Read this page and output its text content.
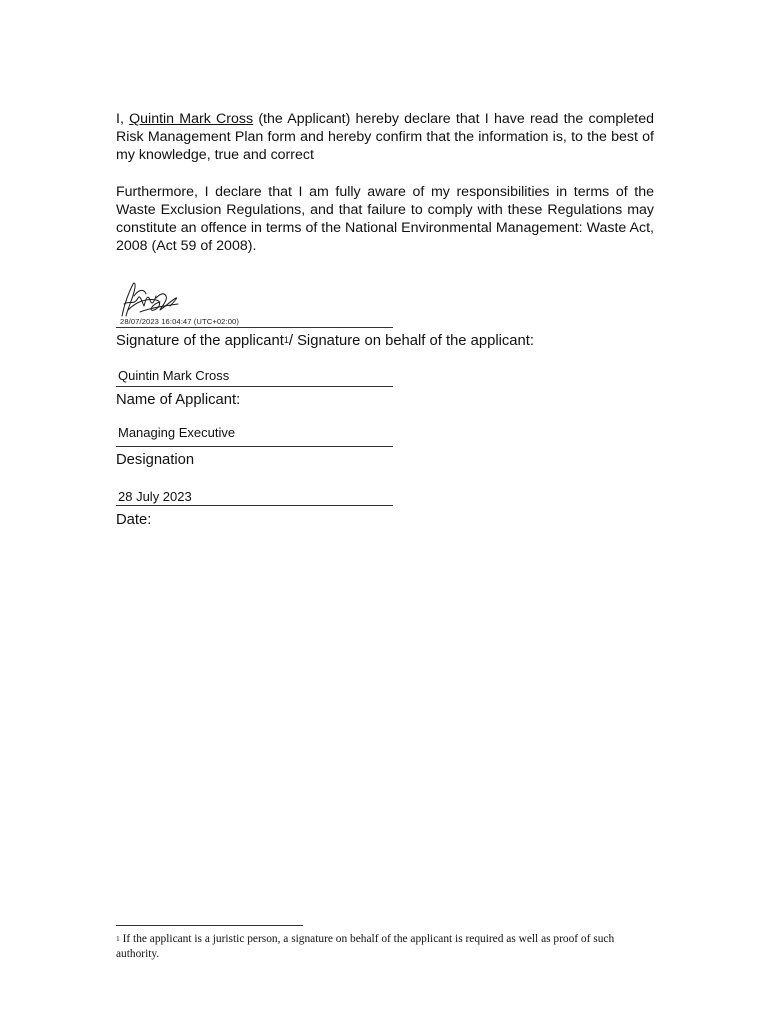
I, Quintin Mark Cross (the Applicant) hereby declare that I have read the completed Risk Management Plan form and hereby confirm that the information is, to the best of my knowledge, true and correct

Furthermore, I declare that I am fully aware of my responsibilities in terms of the Waste Exclusion Regulations, and that failure to comply with these Regulations may constitute an offence in terms of the National Environmental Management: Waste Act, 2008 (Act 59 of 2008).

28/07/2023 16:04:47 (UTC+02:00)
Signature of the applicant$^1$/ Signature on behalf of the applicant:
Quintin Mark Cross
Name of Applicant:
Managing Executive
Designation
28 July 2023
Date:
$^1$ If the applicant is a juristic person, a signature on behalf of the applicant is required as well as proof of such authority.
